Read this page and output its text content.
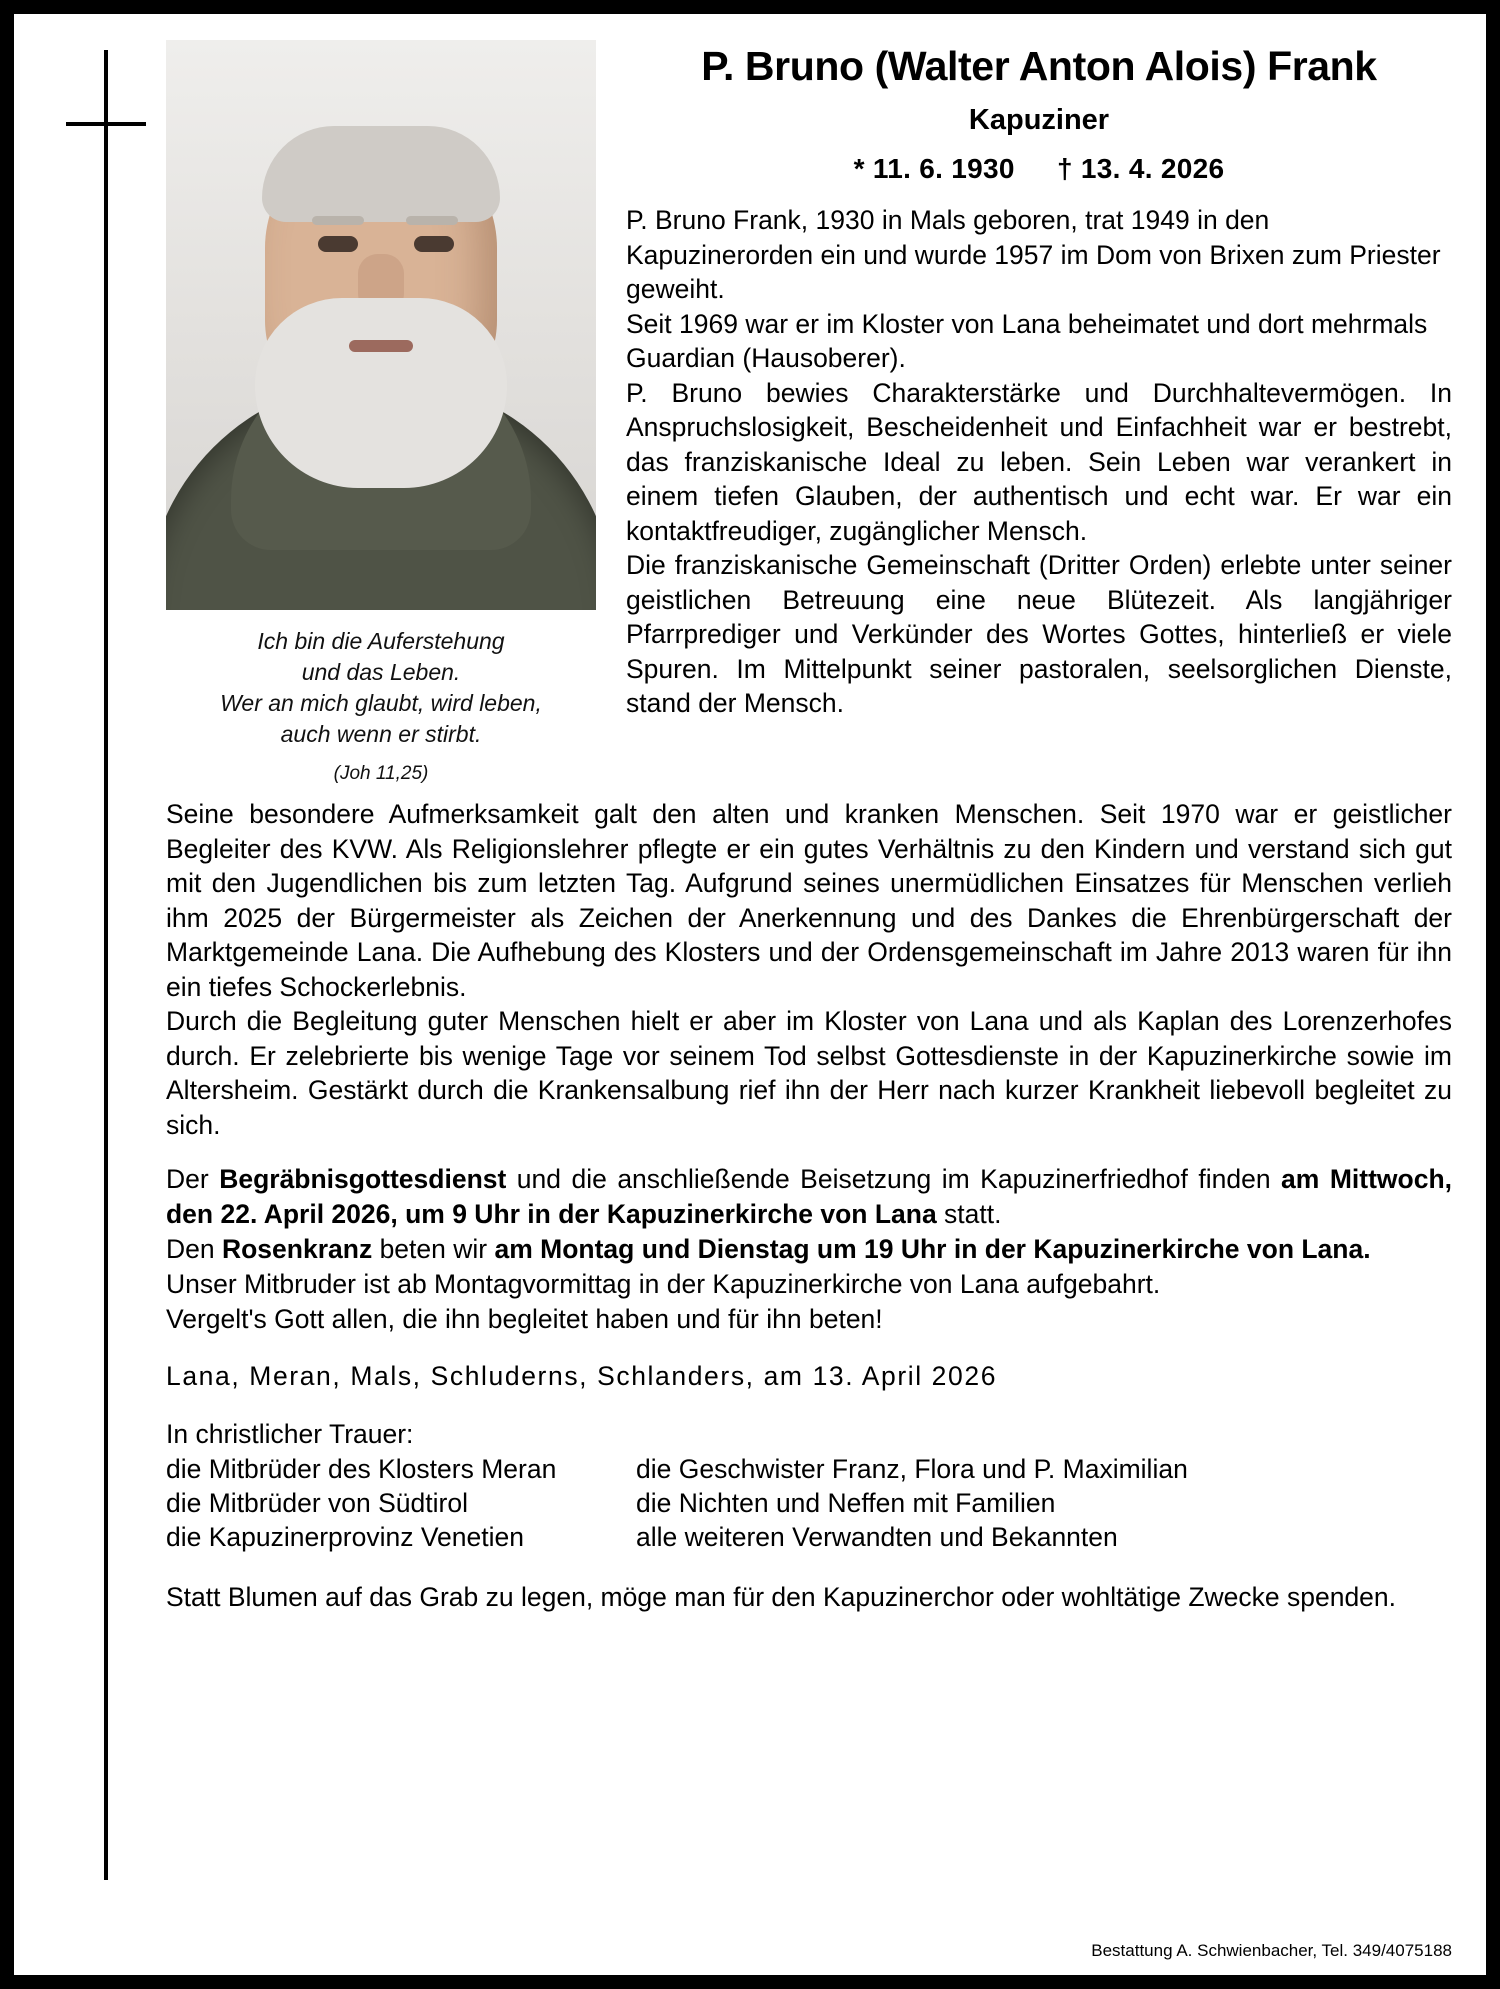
Ich bin die Auferstehung
und das Leben.
Wer an mich glaubt, wird leben,
auch wenn er stirbt.
(Joh 11,25)
P. Bruno (Walter Anton Alois) Frank
Kapuziner
* 11. 6. 1930 † 13. 4. 2026

P. Bruno Frank, 1930 in Mals geboren, trat 1949 in den Kapuzinerorden ein und wurde 1957 im Dom von Brixen zum Priester geweiht.

Seit 1969 war er im Kloster von Lana beheimatet und dort mehrmals Guardian (Hausoberer).

P. Bruno bewies Charakterstärke und Durchhaltevermögen. In Anspruchslosigkeit, Bescheidenheit und Einfachheit war er bestrebt, das franziskanische Ideal zu leben. Sein Leben war verankert in einem tiefen Glauben, der authentisch und echt war. Er war ein kontaktfreudiger, zugänglicher Mensch.

Die franziskanische Gemeinschaft (Dritter Orden) erlebte unter seiner geistlichen Betreuung eine neue Blütezeit. Als langjähriger Pfarrprediger und Verkünder des Wortes Gottes, hinterließ er viele Spuren. Im Mittelpunkt seiner pastoralen, seelsorglichen Dienste, stand der Mensch.

Seine besondere Aufmerksamkeit galt den alten und kranken Menschen. Seit 1970 war er geistlicher Begleiter des KVW. Als Religionslehrer pflegte er ein gutes Verhältnis zu den Kindern und verstand sich gut mit den Jugendlichen bis zum letzten Tag. Aufgrund seines unermüdlichen Einsatzes für Menschen verlieh ihm 2025 der Bürgermeister als Zeichen der Anerkennung und des Dankes die Ehrenbürgerschaft der Marktgemeinde Lana. Die Aufhebung des Klosters und der Ordensgemeinschaft im Jahre 2013 waren für ihn ein tiefes Schockerlebnis.

Durch die Begleitung guter Menschen hielt er aber im Kloster von Lana und als Kaplan des Lorenzerhofes durch. Er zelebrierte bis wenige Tage vor seinem Tod selbst Gottesdienste in der Kapuzinerkirche sowie im Altersheim. Gestärkt durch die Krankensalbung rief ihn der Herr nach kurzer Krankheit liebevoll begleitet zu sich.

Der Begräbnisgottesdienst und die anschließende Beisetzung im Kapuzinerfriedhof finden am Mittwoch, den 22. April 2026, um 9 Uhr in der Kapuzinerkirche von Lana statt.

Den Rosenkranz beten wir am Montag und Dienstag um 19 Uhr in der Kapuzinerkirche von Lana.

Unser Mitbruder ist ab Montagvormittag in der Kapuzinerkirche von Lana aufgebahrt.

Vergelt's Gott allen, die ihn begleitet haben und für ihn beten!

Lana, Meran, Mals, Schluderns, Schlanders, am 13. April 2026
In christlicher Trauer:

die Mitbrüder des Klosters Meran

die Mitbrüder von Südtirol

die Kapuzinerprovinz Venetien

die Geschwister Franz, Flora und P. Maximilian

die Nichten und Neffen mit Familien

alle weiteren Verwandten und Bekannten

Statt Blumen auf das Grab zu legen, möge man für den Kapuzinerchor oder wohltätige Zwecke spenden.

Bestattung A. Schwienbacher, Tel. 349/4075188
